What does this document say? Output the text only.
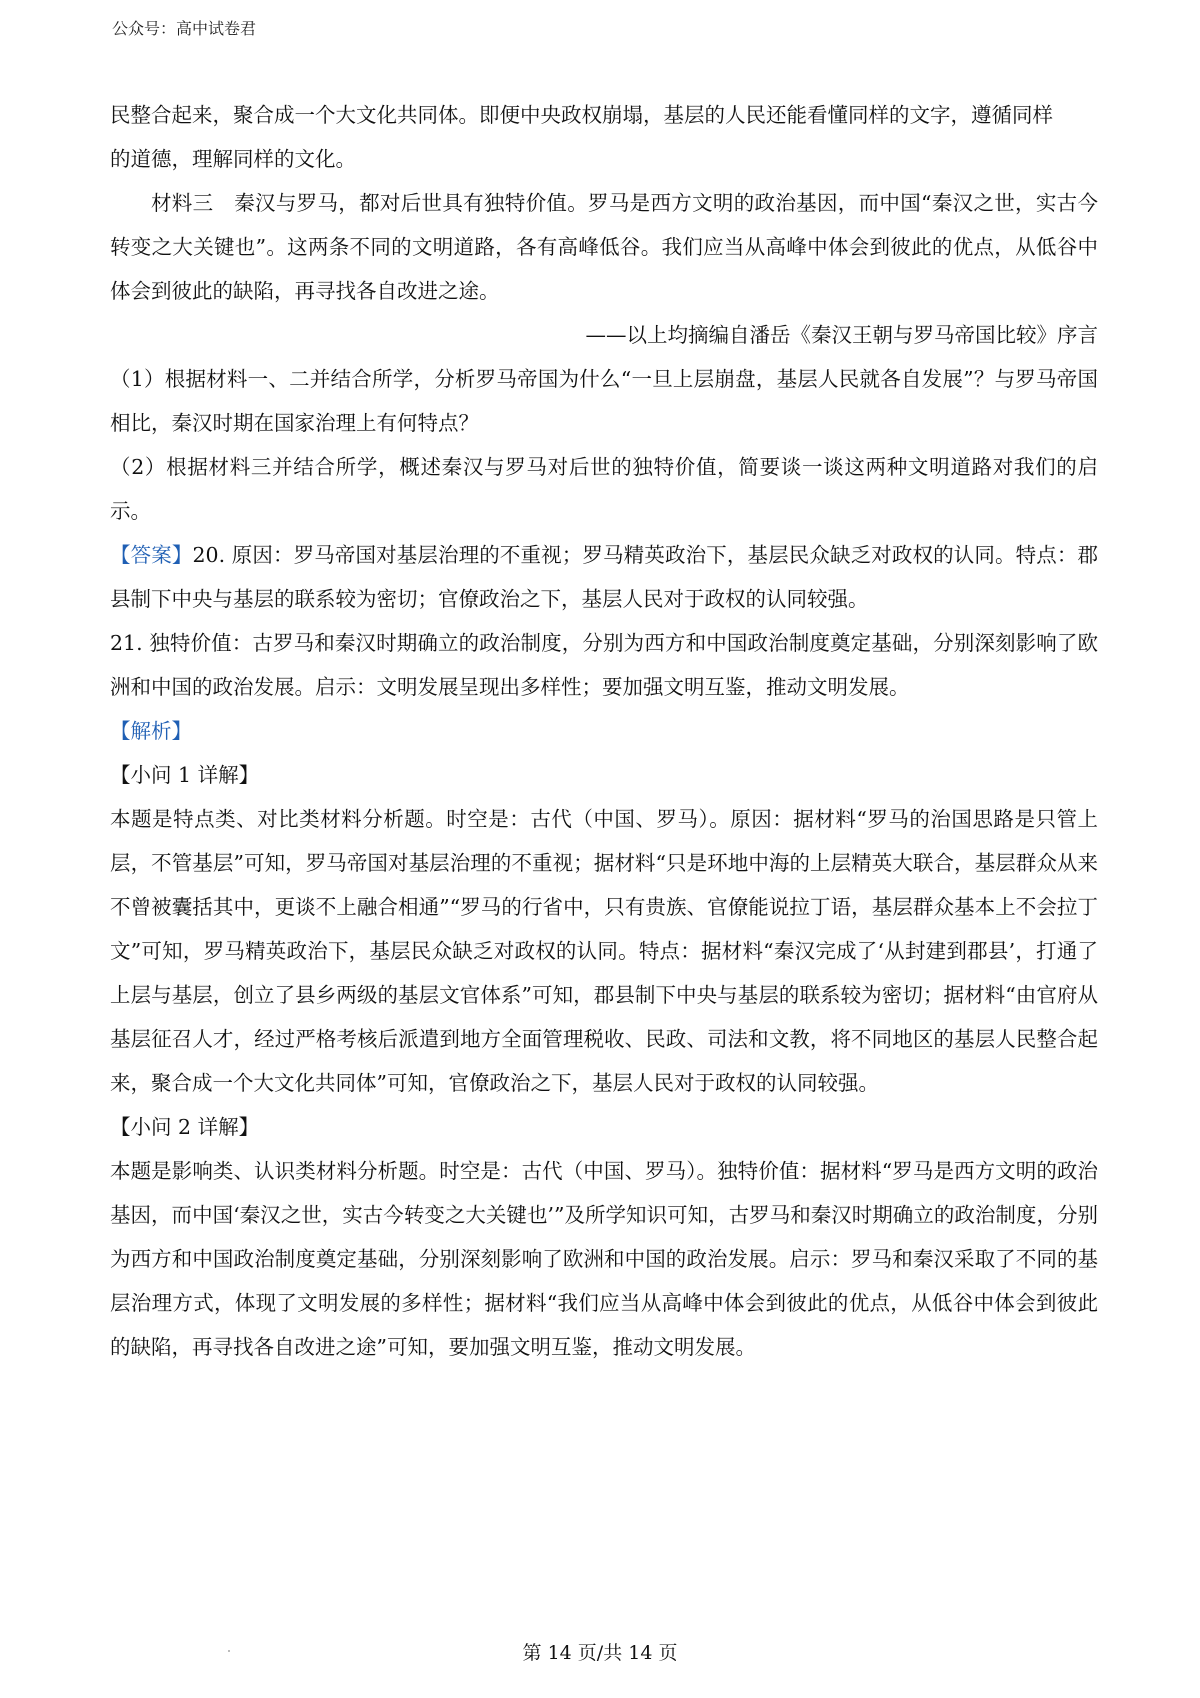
公众号：高中试卷君

民整合起来，聚合成一个大文化共同体。即便中央政权崩塌，基层的人民还能看懂同样的文字，遵循同样

的道德，理解同样的文化。

材料三　秦汉与罗马，都对后世具有独特价值。罗马是西方文明的政治基因，而中国“秦汉之世，实古今转变之大关键也”。这两条不同的文明道路，各有高峰低谷。我们应当从高峰中体会到彼此的优点，从低谷中体会到彼此的缺陷，再寻找各自改进之途。

——以上均摘编自潘岳《秦汉王朝与罗马帝国比较》序言

（1）根据材料一、二并结合所学，分析罗马帝国为什么“一旦上层崩盘，基层人民就各自发展”？与罗马帝国相比，秦汉时期在国家治理上有何特点？

（2）根据材料三并结合所学，概述秦汉与罗马对后世的独特价值，简要谈一谈这两种文明道路对我们的启示。

【答案】20. 原因：罗马帝国对基层治理的不重视；罗马精英政治下，基层民众缺乏对政权的认同。特点：郡县制下中央与基层的联系较为密切；官僚政治之下，基层人民对于政权的认同较强。

21. 独特价值：古罗马和秦汉时期确立的政治制度，分别为西方和中国政治制度奠定基础，分别深刻影响了欧洲和中国的政治发展。启示：文明发展呈现出多样性；要加强文明互鉴，推动文明发展。

【解析】

【小问 1 详解】

本题是特点类、对比类材料分析题。时空是：古代（中国、罗马）。原因：据材料“罗马的治国思路是只管上层，不管基层”可知，罗马帝国对基层治理的不重视；据材料“只是环地中海的上层精英大联合，基层群众从来不曾被囊括其中，更谈不上融合相通”“罗马的行省中，只有贵族、官僚能说拉丁语，基层群众基本上不会拉丁文”可知，罗马精英政治下，基层民众缺乏对政权的认同。特点：据材料“秦汉完成了‘从封建到郡县’，打通了上层与基层，创立了县乡两级的基层文官体系”可知，郡县制下中央与基层的联系较为密切；据材料“由官府从基层征召人才，经过严格考核后派遣到地方全面管理税收、民政、司法和文教，将不同地区的基层人民整合起来，聚合成一个大文化共同体”可知，官僚政治之下，基层人民对于政权的认同较强。

【小问 2 详解】

本题是影响类、认识类材料分析题。时空是：古代（中国、罗马）。独特价值：据材料“罗马是西方文明的政治基因，而中国‘秦汉之世，实古今转变之大关键也’”及所学知识可知，古罗马和秦汉时期确立的政治制度，分别为西方和中国政治制度奠定基础，分别深刻影响了欧洲和中国的政治发展。启示：罗马和秦汉采取了不同的基层治理方式，体现了文明发展的多样性；据材料“我们应当从高峰中体会到彼此的优点，从低谷中体会到彼此的缺陷，再寻找各自改进之途”可知，要加强文明互鉴，推动文明发展。

第 14 页/共 14 页
